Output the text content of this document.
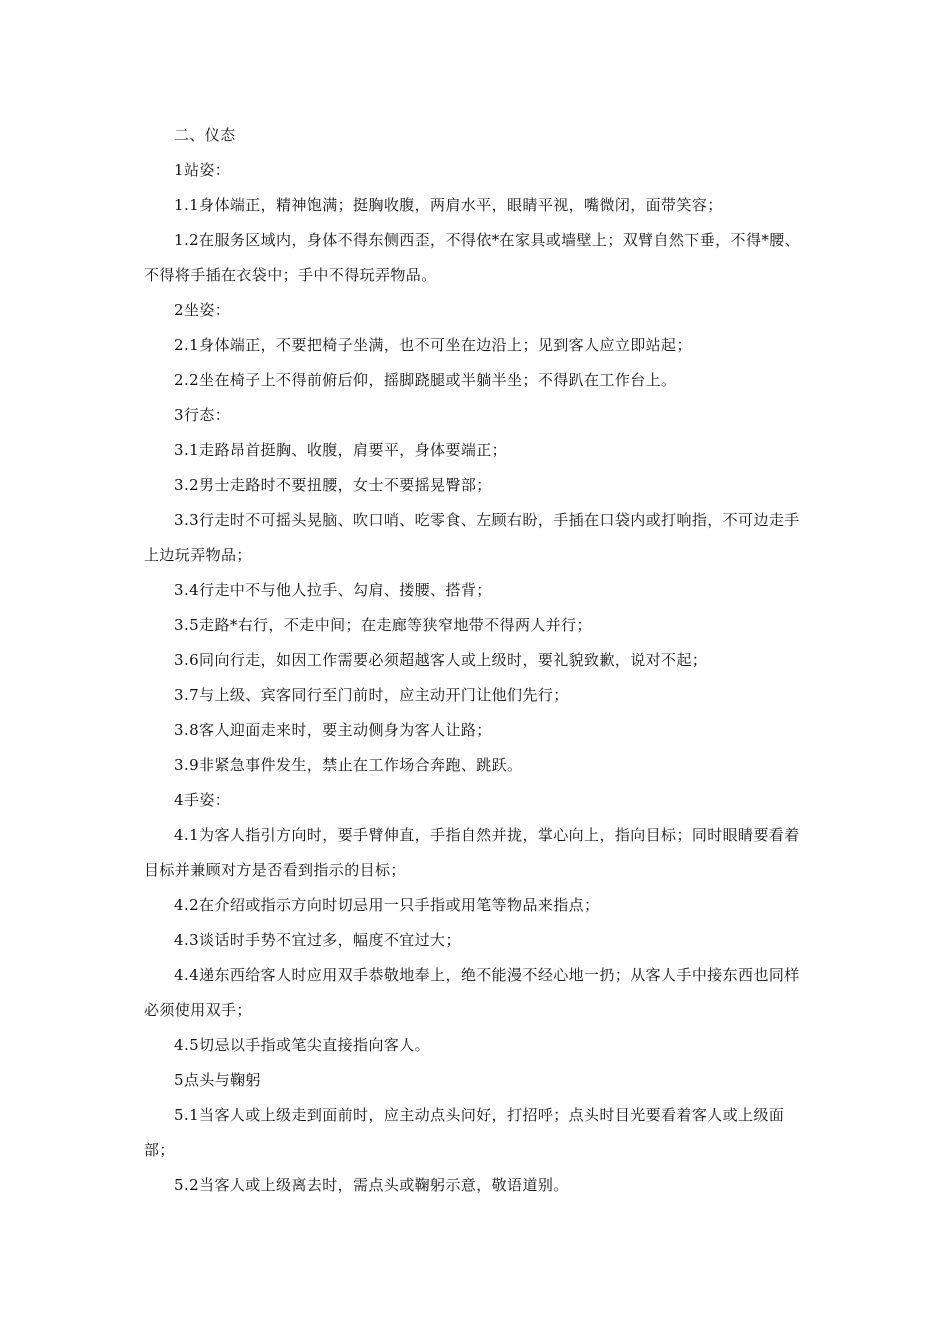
二、仪态

1站姿：

1.1身体端正，精神饱满；挺胸收腹，两肩水平，眼睛平视，嘴微闭，面带笑容；

1.2在服务区域内，身体不得东侧西歪，不得依*在家具或墙壁上；双臂自然下垂，不得*腰、不得将手插在衣袋中；手中不得玩弄物品。

2坐姿：

2.1身体端正，不要把椅子坐满，也不可坐在边沿上；见到客人应立即站起；

2.2坐在椅子上不得前俯后仰，摇脚跷腿或半躺半坐；不得趴在工作台上。

3行态：

3.1走路昂首挺胸、收腹，肩要平，身体要端正；

3.2男士走路时不要扭腰，女士不要摇晃臀部；

3.3行走时不可摇头晃脑、吹口哨、吃零食、左顾右盼，手插在口袋内或打响指，不可边走手上边玩弄物品；

3.4行走中不与他人拉手、勾肩、搂腰、搭背；

3.5走路*右行，不走中间；在走廊等狭窄地带不得两人并行；

3.6同向行走，如因工作需要必须超越客人或上级时，要礼貌致歉，说对不起；

3.7与上级、宾客同行至门前时，应主动开门让他们先行；

3.8客人迎面走来时，要主动侧身为客人让路；

3.9非紧急事件发生，禁止在工作场合奔跑、跳跃。

4手姿：

4.1为客人指引方向时，要手臂伸直，手指自然并拢，掌心向上，指向目标；同时眼睛要看着目标并兼顾对方是否看到指示的目标；

4.2在介绍或指示方向时切忌用一只手指或用笔等物品来指点；

4.3谈话时手势不宜过多，幅度不宜过大；

4.4递东西给客人时应用双手恭敬地奉上，绝不能漫不经心地一扔；从客人手中接东西也同样必须使用双手；

4.5切忌以手指或笔尖直接指向客人。

5点头与鞠躬

5.1当客人或上级走到面前时，应主动点头问好，打招呼；点头时目光要看着客人或上级面部；

5.2当客人或上级离去时，需点头或鞠躬示意，敬语道别。
